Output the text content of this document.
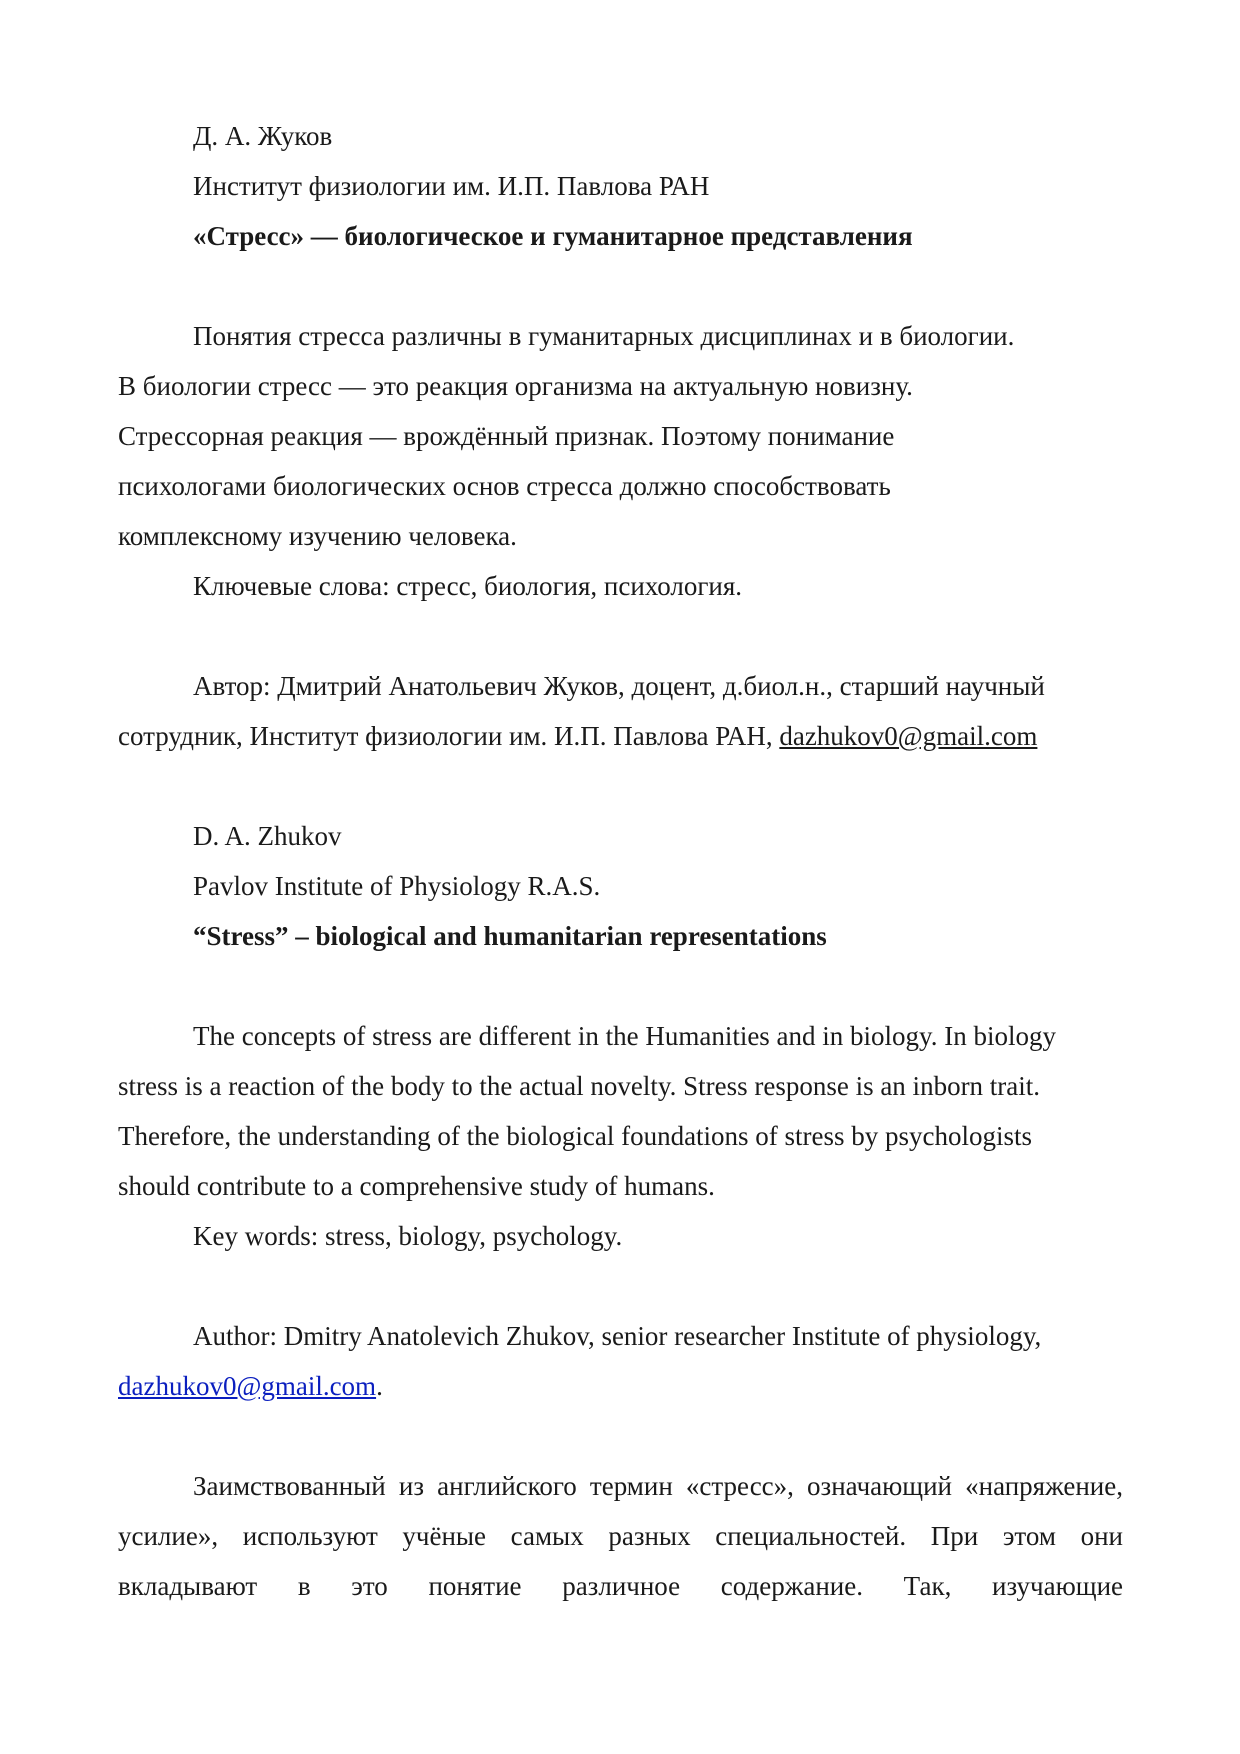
Д. А. Жуков

Институт физиологии им. И.П. Павлова РАН

«Стресс» — биологическое и гуманитарное представления

Понятия стресса различны в гуманитарных дисциплинах и в биологии. В биологии стресс — это реакция организма на актуальную новизну. Стрессорная реакция — врождённый признак. Поэтому понимание психологами биологических основ стресса должно способствовать комплексному изучению человека.

Ключевые слова: стресс, биология, психология.

Автор: Дмитрий Анатольевич Жуков, доцент, д.биол.н., старший научный сотрудник, Институт физиологии им. И.П. Павлова РАН, dazhukov0@gmail.com

D. A. Zhukov

Pavlov Institute of Physiology R.A.S.

“Stress” – biological and humanitarian representations

The concepts of stress are different in the Humanities and in biology. In biology stress is a reaction of the body to the actual novelty. Stress response is an inborn trait. Therefore, the understanding of the biological foundations of stress by psychologists should contribute to a comprehensive study of humans.

Key words: stress, biology, psychology.

Author: Dmitry Anatolevich Zhukov, senior researcher Institute of physiology, dazhukov0@gmail.com.

Заимствованный из английского термин «стресс», означающий «напряжение, усилие», используют учёные самых разных специальностей. При этом они вкладывают в это понятие различное содержание. Так, изучающие
